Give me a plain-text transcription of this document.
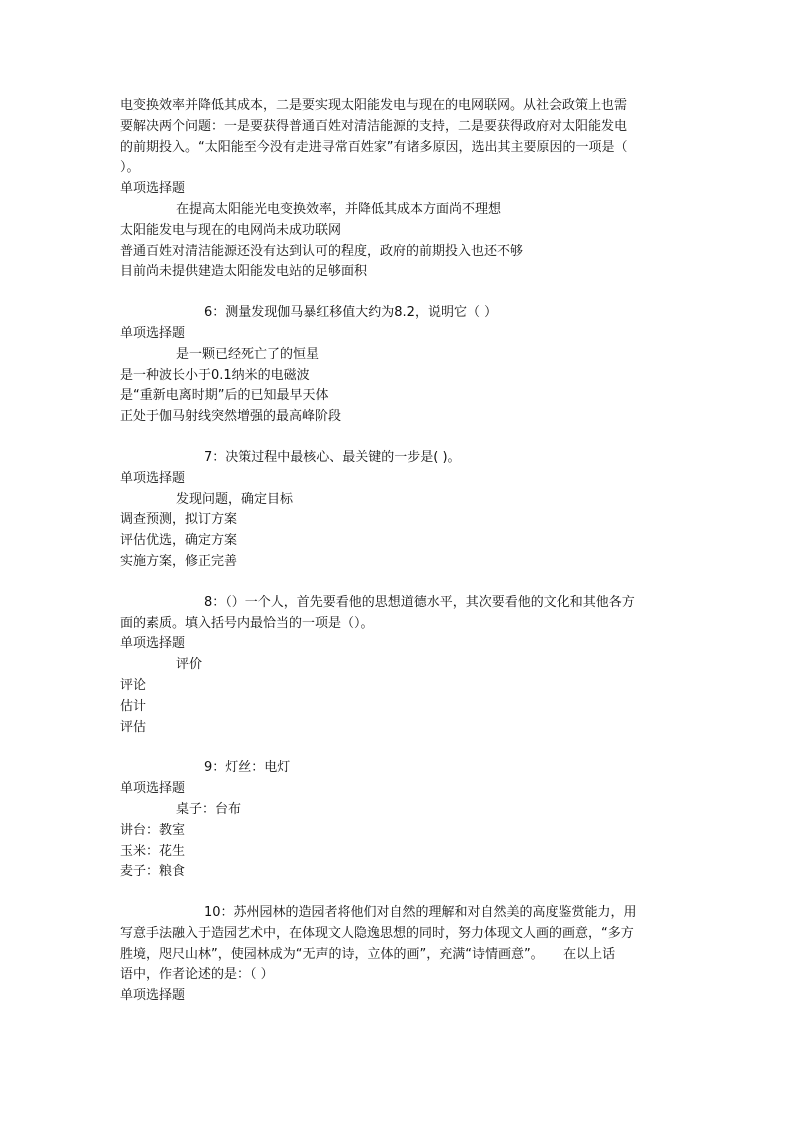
电变换效率并降低其成本，二是要实现太阳能发电与现在的电网联网。从社会政策上也需
要解决两个问题：一是要获得普通百姓对清洁能源的支持，二是要获得政府对太阳能发电
的前期投入。“太阳能至今没有走进寻常百姓家”有诸多原因，选出其主要原因的一项是（
）。
单项选择题
在提高太阳能光电变换效率，并降低其成本方面尚不理想
太阳能发电与现在的电网尚未成功联网
普通百姓对清洁能源还没有达到认可的程度，政府的前期投入也还不够
目前尚未提供建造太阳能发电站的足够面积
6：测量发现伽马暴红移值大约为8.2，说明它（ ）
单项选择题
是一颗已经死亡了的恒星
是一种波长小于0.1纳米的电磁波
是“重新电离时期”后的已知最早天体
正处于伽马射线突然增强的最高峰阶段
7：决策过程中最核心、最关键的一步是( )。
单项选择题
发现问题，确定目标
调查预测，拟订方案
评估优选，确定方案
实施方案，修正完善
8：（）一个人，首先要看他的思想道德水平，其次要看他的文化和其他各方
面的素质。填入括号内最恰当的一项是（）。
单项选择题
评价
评论
估计
评估
9：灯丝：电灯
单项选择题
桌子：台布
讲台：教室
玉米：花生
麦子：粮食
10：苏州园林的造园者将他们对自然的理解和对自然美的高度鉴赏能力，用
写意手法融入于造园艺术中，在体现文人隐逸思想的同时，努力体现文人画的画意，“多方
胜境，咫尺山林”，使园林成为“无声的诗，立体的画”，充满“诗情画意”。　　在以上话
语中，作者论述的是：（ ）
单项选择题
